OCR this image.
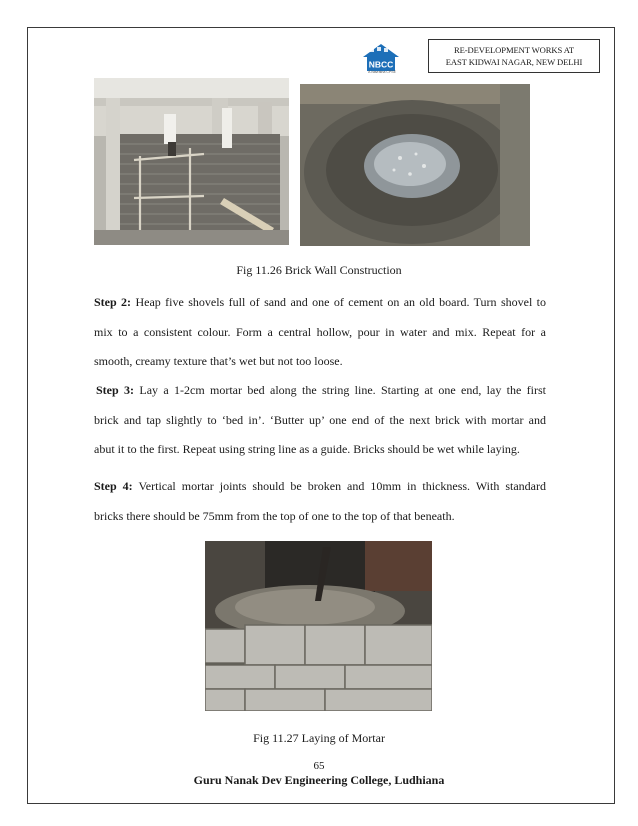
NBCC
A Navratna CPSE
RE-DEVELOPMENT WORKS AT
EAST KIDWAI NAGAR, NEW DELHI
Fig 11.26 Brick Wall Construction
Step 2: Heap five shovels full of sand and one of cement on an old board. Turn shovel to
mix to a consistent colour. Form a central hollow, pour in water and mix. Repeat for a
smooth, creamy texture that’s wet but not too loose.
Step 3: Lay a 1-2cm mortar bed along the string line. Starting at one end, lay the first
brick and tap slightly to ‘bed in’. ‘Butter up’ one end of the next brick with mortar and
abut it to the first. Repeat using string line as a guide. Bricks should be wet while laying.
Step 4: Vertical mortar joints should be broken and 10mm in thickness. With standard
bricks there should be 75mm from the top of one to the top of that beneath.
Fig 11.27 Laying of Mortar
65
Guru Nanak Dev Engineering College, Ludhiana
